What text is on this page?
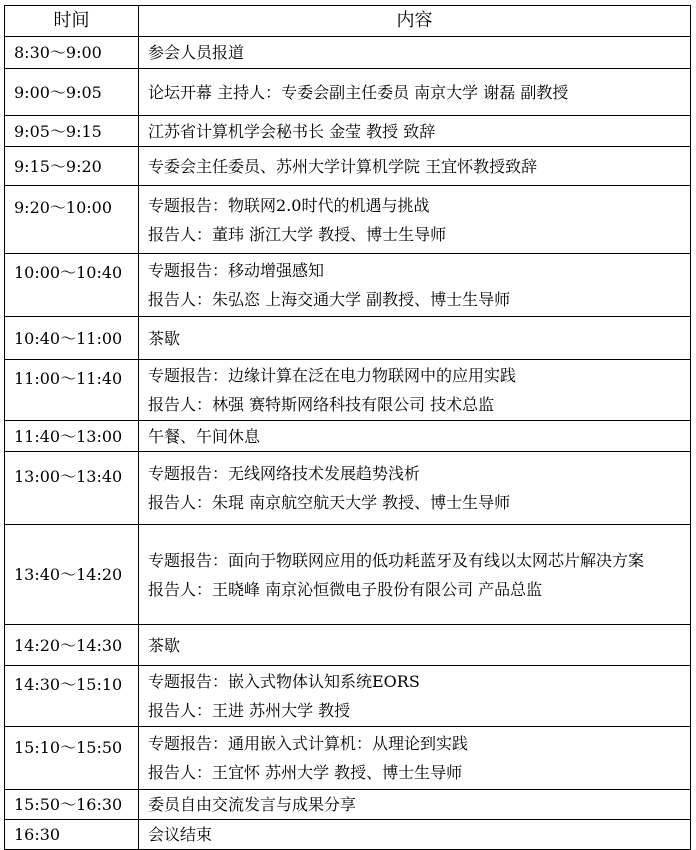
时间	内容
8:30～9:00	参会人员报道

9:00～9:05	论坛开幕 主持人：专委会副主任委员 南京大学 谢磊 副教授

9:05～9:15	江苏省计算机学会秘书长 金莹 教授 致辞

9:15～9:20	专委会主任委员、苏州大学计算机学院 王宜怀教授致辞

9:20～10:00	专题报告：物联网2.0时代的机遇与挑战
报告人：董玮 浙江大学 教授、博士生导师

10:00～10:40	专题报告：移动增强感知
报告人：朱弘恣 上海交通大学 副教授、博士生导师

10:40～11:00	茶歇

11:00～11:40	专题报告：边缘计算在泛在电力物联网中的应用实践
报告人：林强 赛特斯网络科技有限公司 技术总监

11:40～13:00	午餐、午间休息

13:00～13:40	专题报告：无线网络技术发展趋势浅析
报告人：朱琨 南京航空航天大学 教授、博士生导师

13:40～14:20	专题报告：面向于物联网应用的低功耗蓝牙及有线以太网芯片解决方案
报告人：王晓峰 南京沁恒微电子股份有限公司 产品总监

14:20～14:30	茶歇

14:30～15:10	专题报告：嵌入式物体认知系统EORS
报告人：王进 苏州大学 教授

15:10～15:50	专题报告：通用嵌入式计算机：从理论到实践
报告人：王宜怀 苏州大学 教授、博士生导师

15:50～16:30	委员自由交流发言与成果分享

16:30	会议结束
